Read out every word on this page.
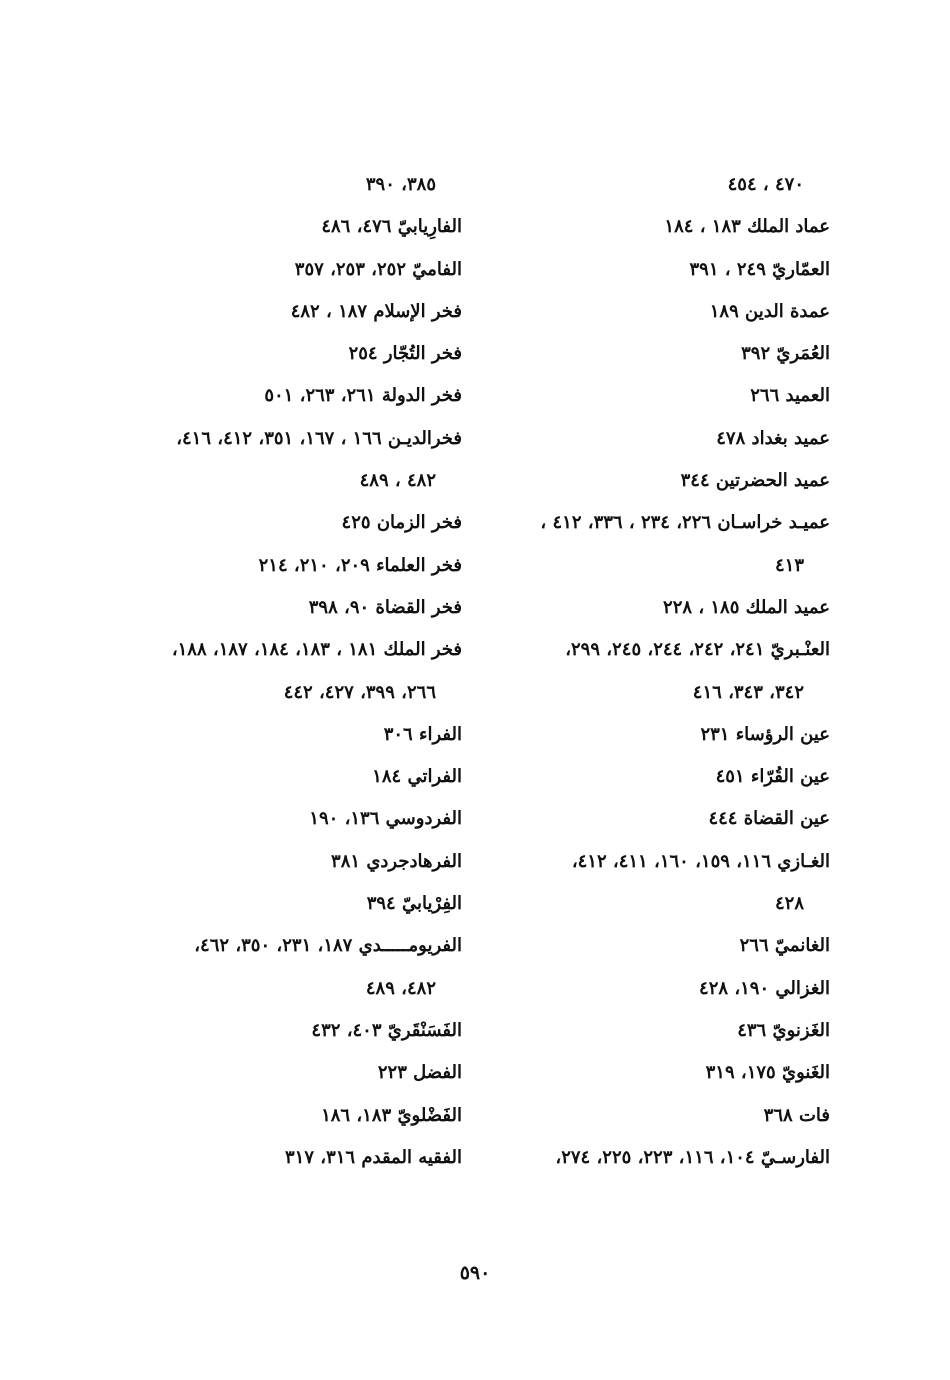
٤٧٠ ، ٤٥٤
عماد الملك ١٨٣ ، ١٨٤
العمّاريّ ٢٤٩ ، ٣٩١
عمدة الدين ١٨٩
العُمَريّ ٣٩٢
العميد ٢٦٦
عميد بغداد ٤٧٨
عميد الحضرتين ٣٤٤
عميـد خراسـان ٢٢٦، ٢٣٤ ، ٣٣٦، ٤١٢ ،
٤١٣
عميد الملك ١٨٥ ، ٢٢٨
العنْـبريّ ٢٤١، ٢٤٢، ٢٤٤، ٢٤٥، ٢٩٩،
٣٤٢، ٣٤٣، ٤١٦
عين الرؤساء ٢٣١
عين القُرّاء ٤٥١
عين القضاة ٤٤٤
الغـازي ١١٦، ١٥٩، ١٦٠، ٤١١، ٤١٢،
٤٢٨
الغانميّ ٢٦٦
الغزالي ١٩٠، ٤٢٨
الغَزنويّ ٤٣٦
الغَنويّ ١٧٥، ٣١٩
فات ٣٦٨
الفارسـيّ ١٠٤، ١١٦، ٢٢٣، ٢٢٥، ٢٧٤،
٣٨٥، ٣٩٠
الفارِيابيّ ٤٧٦، ٤٨٦
الفاميّ ٢٥٢، ٢٥٣، ٣٥٧
فخر الإسلام ١٨٧ ، ٤٨٢
فخر التُجّار ٢٥٤
فخر الدولة ٢٦١، ٢٦٣، ٥٠١
فخرالديـن ١٦٦ ، ١٦٧، ٣٥١، ٤١٢، ٤١٦،
٤٨٢ ، ٤٨٩
فخر الزمان ٤٢٥
فخر العلماء ٢٠٩، ٢١٠، ٢١٤
فخر القضاة ٩٠، ٣٩٨
فخر الملك ١٨١ ، ١٨٣، ١٨٤، ١٨٧، ١٨٨،
٢٦٦، ٣٩٩، ٤٢٧، ٤٤٢
الفراء ٣٠٦
الفراتي ١٨٤
الفردوسي ١٣٦، ١٩٠
الفرهادجردي ٣٨١
الفِرْيابيّ ٣٩٤
الفريومـــــدي ١٨٧، ٢٣١، ٣٥٠، ٤٦٢،
٤٨٢، ٤٨٩
الفَسَنْقَريّ ٤٠٣، ٤٣٢
الفضل ٢٢٣
الفَضْلويّ ١٨٣، ١٨٦
الفقيه المقدم ٣١٦، ٣١٧
٥٩٠
